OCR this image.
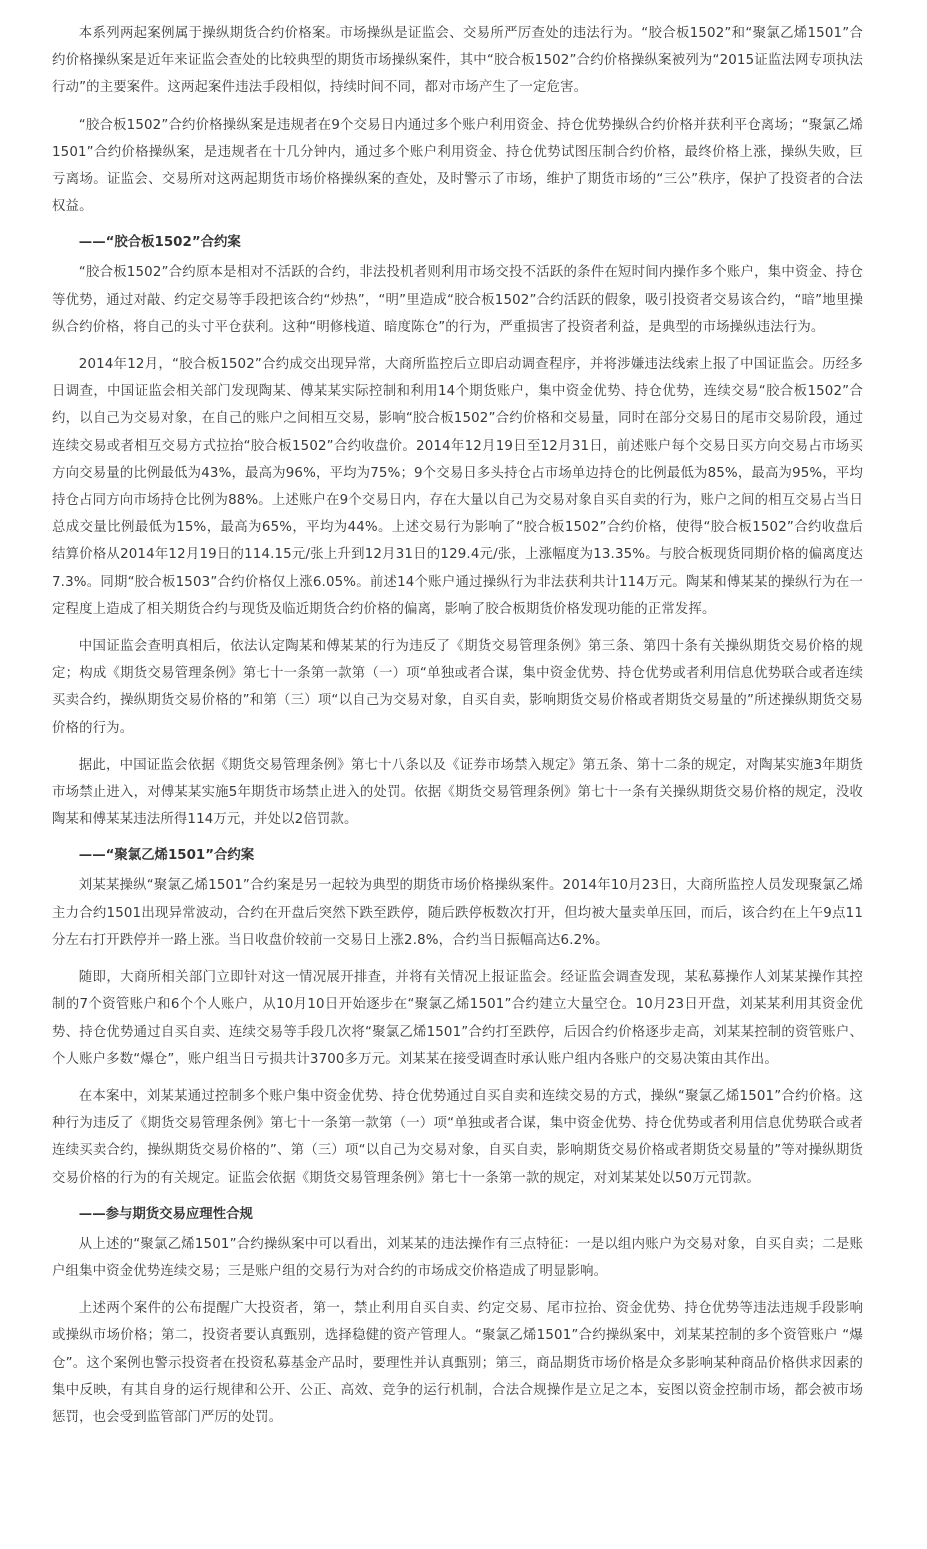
本系列两起案例属于操纵期货合约价格案。市场操纵是证监会、交易所严厉查处的违法行为。“胶合板1502”和“聚氯乙烯1501”合约价格操纵案是近年来证监会查处的比较典型的期货市场操纵案件，其中“胶合板1502”合约价格操纵案被列为“2015证监法网专项执法行动”的主要案件。这两起案件违法手段相似，持续时间不同，都对市场产生了一定危害。

“胶合板1502”合约价格操纵案是违规者在9个交易日内通过多个账户利用资金、持仓优势操纵合约价格并获利平仓离场；“聚氯乙烯1501”合约价格操纵案，是违规者在十几分钟内，通过多个账户利用资金、持仓优势试图压制合约价格，最终价格上涨，操纵失败，巨亏离场。证监会、交易所对这两起期货市场价格操纵案的查处，及时警示了市场，维护了期货市场的“三公”秩序，保护了投资者的合法权益。

——“胶合板1502”合约案

“胶合板1502”合约原本是相对不活跃的合约，非法投机者则利用市场交投不活跃的条件在短时间内操作多个账户，集中资金、持仓等优势，通过对敲、约定交易等手段把该合约“炒热”，“明”里造成“胶合板1502”合约活跃的假象，吸引投资者交易该合约，“暗”地里操纵合约价格，将自己的头寸平仓获利。这种“明修栈道、暗度陈仓”的行为，严重损害了投资者利益，是典型的市场操纵违法行为。

2014年12月，“胶合板1502”合约成交出现异常，大商所监控后立即启动调查程序，并将涉嫌违法线索上报了中国证监会。历经多日调查，中国证监会相关部门发现陶某、傅某某实际控制和利用14个期货账户，集中资金优势、持仓优势，连续交易“胶合板1502”合约，以自己为交易对象，在自己的账户之间相互交易，影响“胶合板1502”合约价格和交易量，同时在部分交易日的尾市交易阶段，通过连续交易或者相互交易方式拉抬“胶合板1502”合约收盘价。2014年12月19日至12月31日，前述账户每个交易日买方向交易占市场买方向交易量的比例最低为43%，最高为96%，平均为75%；9个交易日多头持仓占市场单边持仓的比例最低为85%，最高为95%，平均持仓占同方向市场持仓比例为88%。上述账户在9个交易日内，存在大量以自己为交易对象自买自卖的行为，账户之间的相互交易占当日总成交量比例最低为15%，最高为65%，平均为44%。上述交易行为影响了“胶合板1502”合约价格，使得“胶合板1502”合约收盘后结算价格从2014年12月19日的114.15元/张上升到12月31日的129.4元/张，上涨幅度为13.35%。与胶合板现货同期价格的偏离度达7.3%。同期“胶合板1503”合约价格仅上涨6.05%。前述14个账户通过操纵行为非法获利共计114万元。陶某和傅某某的操纵行为在一定程度上造成了相关期货合约与现货及临近期货合约价格的偏离，影响了胶合板期货价格发现功能的正常发挥。

中国证监会查明真相后，依法认定陶某和傅某某的行为违反了《期货交易管理条例》第三条、第四十条有关操纵期货交易价格的规定；构成《期货交易管理条例》第七十一条第一款第（一）项“单独或者合谋，集中资金优势、持仓优势或者利用信息优势联合或者连续买卖合约，操纵期货交易价格的”和第（三）项“以自己为交易对象，自买自卖，影响期货交易价格或者期货交易量的”所述操纵期货交易价格的行为。

据此，中国证监会依据《期货交易管理条例》第七十八条以及《证券市场禁入规定》第五条、第十二条的规定，对陶某实施3年期货市场禁止进入，对傅某某实施5年期货市场禁止进入的处罚。依据《期货交易管理条例》第七十一条有关操纵期货交易价格的规定，没收陶某和傅某某违法所得114万元，并处以2倍罚款。

——“聚氯乙烯1501”合约案

刘某某操纵“聚氯乙烯1501”合约案是另一起较为典型的期货市场价格操纵案件。2014年10月23日，大商所监控人员发现聚氯乙烯主力合约1501出现异常波动，合约在开盘后突然下跌至跌停，随后跌停板数次打开，但均被大量卖单压回，而后，该合约在上午9点11分左右打开跌停并一路上涨。当日收盘价较前一交易日上涨2.8%，合约当日振幅高达6.2%。

随即，大商所相关部门立即针对这一情况展开排查，并将有关情况上报证监会。经证监会调查发现，某私募操作人刘某某操作其控制的7个资管账户和6个个人账户，从10月10日开始逐步在“聚氯乙烯1501”合约建立大量空仓。10月23日开盘，刘某某利用其资金优势、持仓优势通过自买自卖、连续交易等手段几次将“聚氯乙烯1501”合约打至跌停，后因合约价格逐步走高，刘某某控制的资管账户、个人账户多数“爆仓”，账户组当日亏损共计3700多万元。刘某某在接受调查时承认账户组内各账户的交易决策由其作出。

在本案中，刘某某通过控制多个账户集中资金优势、持仓优势通过自买自卖和连续交易的方式，操纵“聚氯乙烯1501”合约价格。这种行为违反了《期货交易管理条例》第七十一条第一款第（一）项“单独或者合谋，集中资金优势、持仓优势或者利用信息优势联合或者连续买卖合约，操纵期货交易价格的”、第（三）项“以自己为交易对象，自买自卖，影响期货交易价格或者期货交易量的”等对操纵期货交易价格的行为的有关规定。证监会依据《期货交易管理条例》第七十一条第一款的规定，对刘某某处以50万元罚款。

——参与期货交易应理性合规

从上述的“聚氯乙烯1501”合约操纵案中可以看出，刘某某的违法操作有三点特征：一是以组内账户为交易对象，自买自卖；二是账户组集中资金优势连续交易；三是账户组的交易行为对合约的市场成交价格造成了明显影响。

上述两个案件的公布提醒广大投资者，第一，禁止利用自买自卖、约定交易、尾市拉抬、资金优势、持仓优势等违法违规手段影响或操纵市场价格；第二，投资者要认真甄别，选择稳健的资产管理人。“聚氯乙烯1501”合约操纵案中，刘某某控制的多个资管账户 “爆仓”。这个案例也警示投资者在投资私募基金产品时，要理性并认真甄别；第三，商品期货市场价格是众多影响某种商品价格供求因素的集中反映，有其自身的运行规律和公开、公正、高效、竞争的运行机制，合法合规操作是立足之本，妄图以资金控制市场，都会被市场惩罚，也会受到监管部门严厉的处罚。
